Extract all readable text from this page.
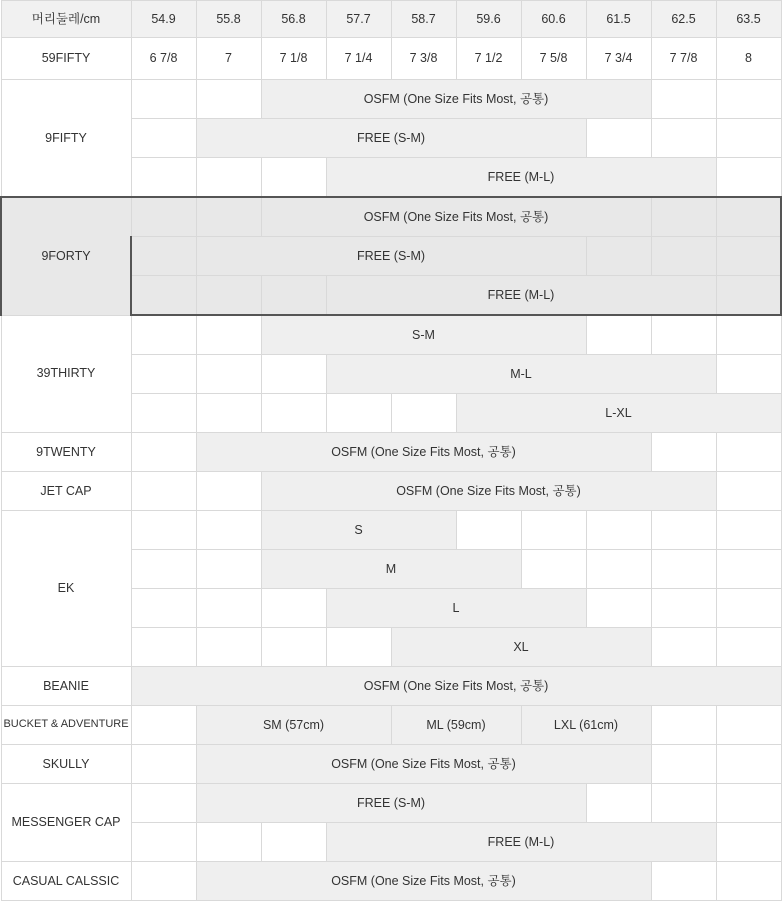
머리둘레/cm	54.9	55.8	56.8	57.7	58.7	59.6	60.6	61.5	62.5	63.5
59FIFTY	6 7/8	7	7 1/8	7 1/4	7 3/8	7 1/2	7 5/8	7 3/4	7 7/8	8
9FIFTY			OSFM (One Size Fits Most, 공통)							
		FREE (S-M)								
				FREE (M-L)						
9FORTY			OSFM (One Size Fits Most, 공통)							
		FREE (S-M)								
				FREE (M-L)						
39THIRTY			S-M							
				M-L						
						L-XL				
9TWENTY		OSFM (One Size Fits Most, 공통)								
JET CAP			OSFM (One Size Fits Most, 공통)							
EK			S							
			M							
				L						
					XL					
BEANIE	OSFM (One Size Fits Most, 공통)									
BUCKET & ADVENTURE		SM (57cm)			ML (59cm)		LXL (61cm)			
SKULLY		OSFM (One Size Fits Most, 공통)								
MESSENGER CAP		FREE (S-M)								
				FREE (M-L)						
CASUAL CALSSIC		OSFM (One Size Fits Most, 공통)								
